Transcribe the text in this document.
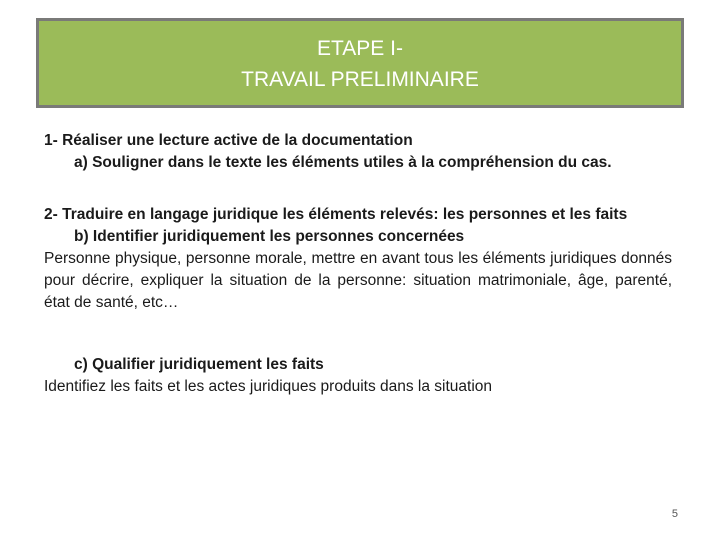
ETAPE I-
TRAVAIL PRELIMINAIRE

1- Réaliser une lecture active de la documentation

a) Souligner dans le texte les éléments utiles à la compréhension du cas.

2- Traduire en langage juridique les éléments relevés: les personnes et les faits

b) Identifier juridiquement les personnes concernées

Personne physique, personne morale, mettre en avant tous les éléments juridiques donnés pour décrire, expliquer la situation de la personne: situation matrimoniale, âge, parenté, état de santé, etc…

c) Qualifier juridiquement les faits

Identifiez les faits et les actes juridiques produits dans la situation

5
